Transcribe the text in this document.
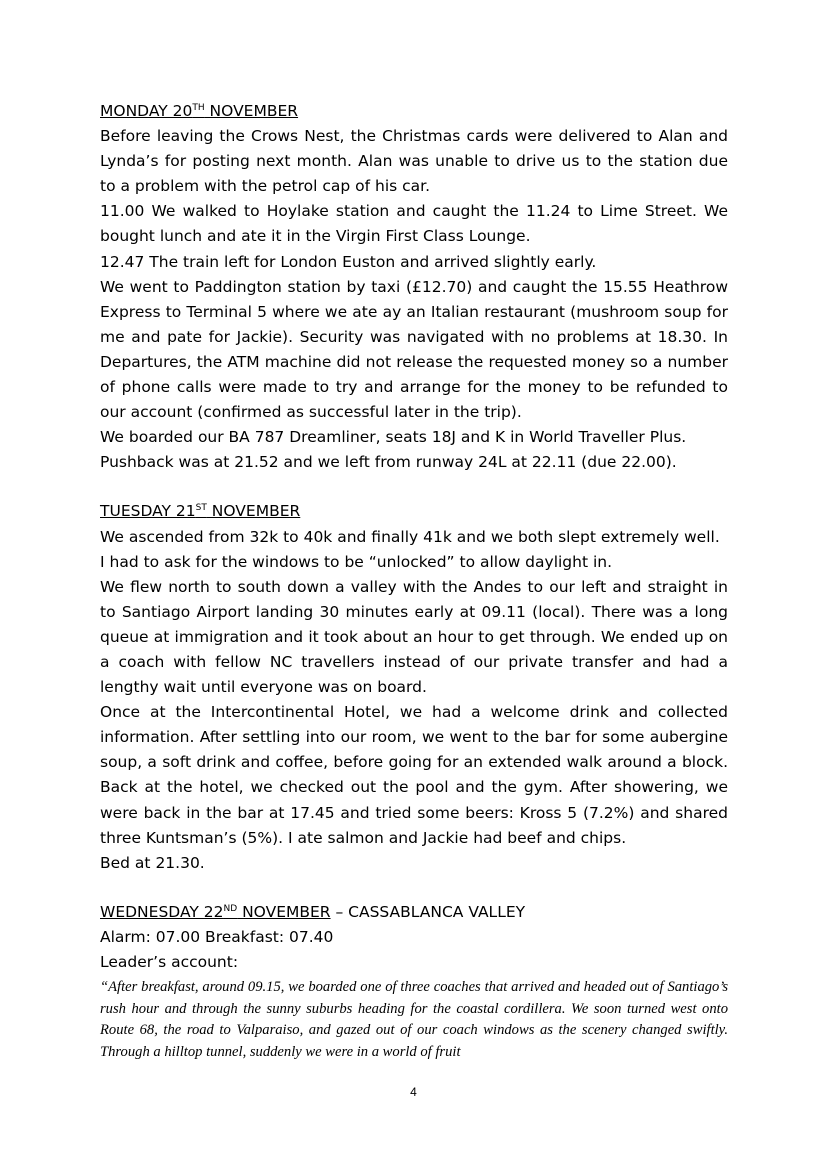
MONDAY 20TH NOVEMBER

Before leaving the Crows Nest, the Christmas cards were delivered to Alan and Lynda’s for posting next month. Alan was unable to drive us to the station due to a problem with the petrol cap of his car.

11.00 We walked to Hoylake station and caught the 11.24 to Lime Street. We bought lunch and ate it in the Virgin First Class Lounge.

12.47 The train left for London Euston and arrived slightly early.

We went to Paddington station by taxi (£12.70) and caught the 15.55 Heathrow Express to Terminal 5 where we ate ay an Italian restaurant (mushroom soup for me and pate for Jackie). Security was navigated with no problems at 18.30. In Departures, the ATM machine did not release the requested money so a number of phone calls were made to try and arrange for the money to be refunded to our account (confirmed as successful later in the trip).

We boarded our BA 787 Dreamliner, seats 18J and K in World Traveller Plus.

Pushback was at 21.52 and we left from runway 24L at 22.11 (due 22.00).

TUESDAY 21ST NOVEMBER

We ascended from 32k to 40k and finally 41k and we both slept extremely well.

I had to ask for the windows to be “unlocked” to allow daylight in.

We flew north to south down a valley with the Andes to our left and straight in to Santiago Airport landing 30 minutes early at 09.11 (local). There was a long queue at immigration and it took about an hour to get through. We ended up on a coach with fellow NC travellers instead of our private transfer and had a lengthy wait until everyone was on board.

Once at the Intercontinental Hotel, we had a welcome drink and collected information. After settling into our room, we went to the bar for some aubergine soup, a soft drink and coffee, before going for an extended walk around a block. Back at the hotel, we checked out the pool and the gym. After showering, we were back in the bar at 17.45 and tried some beers: Kross 5 (7.2%) and shared three Kuntsman’s (5%). I ate salmon and Jackie had beef and chips.

Bed at 21.30.

WEDNESDAY 22ND NOVEMBER – CASSABLANCA VALLEY

Alarm: 07.00 Breakfast: 07.40

Leader’s account:

“After breakfast, around 09.15, we boarded one of three coaches that arrived and headed out of Santiago’s rush hour and through the sunny suburbs heading for the coastal cordillera. We soon turned west onto Route 68, the road to Valparaiso, and gazed out of our coach windows as the scenery changed swiftly. Through a hilltop tunnel, suddenly we were in a world of fruit

4
